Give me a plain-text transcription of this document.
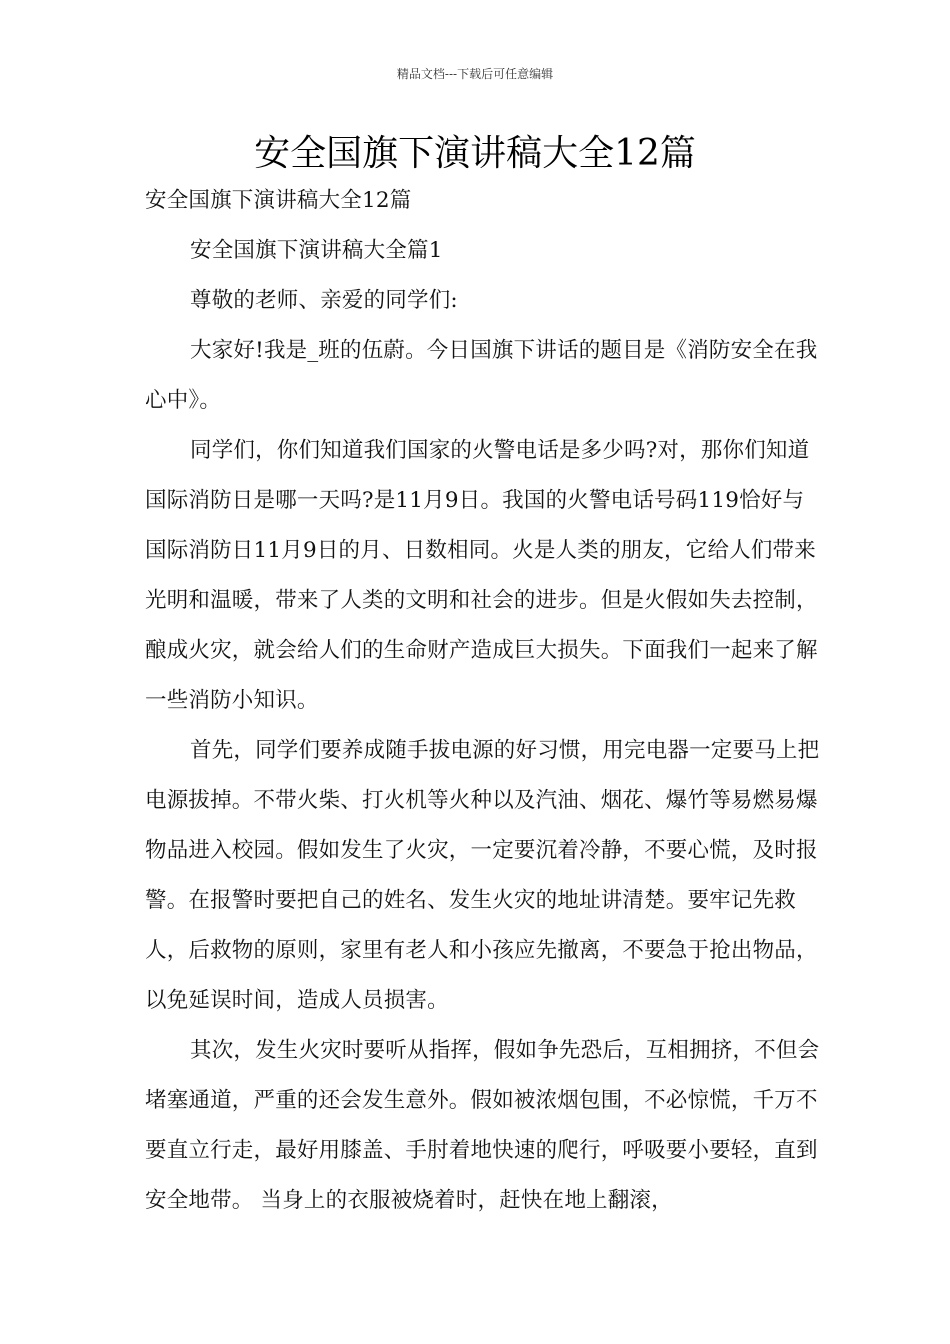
精品文档---下载后可任意编辑
安全国旗下演讲稿大全12篇

安全国旗下演讲稿大全12篇

安全国旗下演讲稿大全篇1

尊敬的老师、亲爱的同学们:

大家好!我是_班的伍蔚。今日国旗下讲话的题目是《消防安全在我心中》。

同学们，你们知道我们国家的火警电话是多少吗?对，那你们知道国际消防日是哪一天吗?是11月9日。我国的火警电话号码119恰好与国际消防日11月9日的月、日数相同。火是人类的朋友，它给人们带来光明和温暖，带来了人类的文明和社会的进步。但是火假如失去控制，酿成火灾，就会给人们的生命财产造成巨大损失。下面我们一起来了解一些消防小知识。

首先，同学们要养成随手拔电源的好习惯，用完电器一定要马上把电源拔掉。不带火柴、打火机等火种以及汽油、烟花、爆竹等易燃易爆物品进入校园。假如发生了火灾，一定要沉着冷静，不要心慌，及时报警。在报警时要把自己的姓名、发生火灾的地址讲清楚。要牢记先救人，后救物的原则，家里有老人和小孩应先撤离，不要急于抢出物品，以免延误时间，造成人员损害。

其次，发生火灾时要听从指挥，假如争先恐后，互相拥挤，不但会堵塞通道，严重的还会发生意外。假如被浓烟包围，不必惊慌，千万不要直立行走，最好用膝盖、手肘着地快速的爬行，呼吸要小要轻，直到安全地带。 当身上的衣服被烧着时，赶快在地上翻滚，
